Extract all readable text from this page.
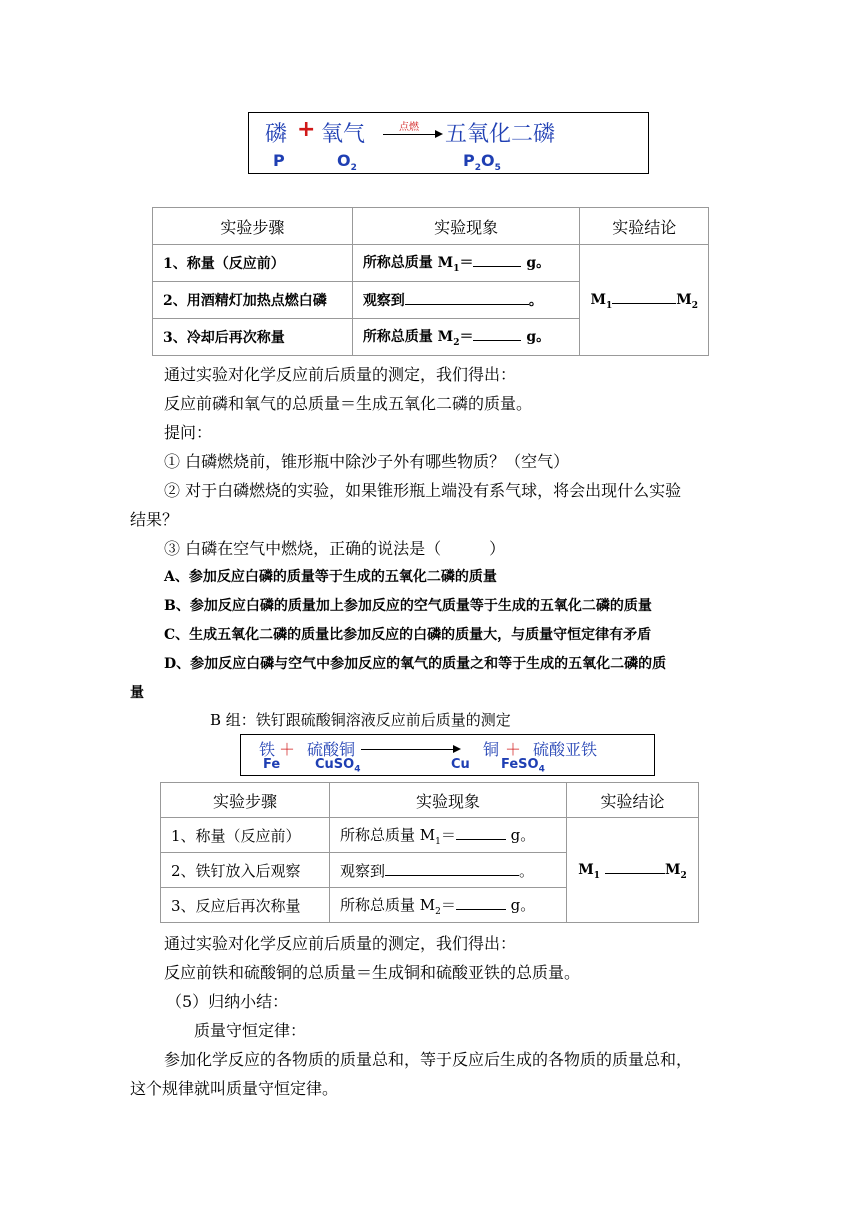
磷 + 氧气	点燃 五氧化二磷
P	$O_2$	$P_2O_5$
实验步骤	实验现象	实验结论
1、称量（反应前）	所称总质量 $M_1= g$。	$M_1$ $M_2$
2、用酒精灯加热点燃白磷	观察到 。	
3、冷却后再次称量	所称总质量 $M_2= g$。	
通过实验对化学反应前后质量的测定，我们得出：
反应前磷和氧气的总质量＝生成五氧化二磷的质量。
提问：
① 白磷燃烧前，锥形瓶中除沙子外有哪些物质？（空气）
② 对于白磷燃烧的实验，如果锥形瓶上端没有系气球，将会出现什么实验
结果？
③ 白磷在空气中燃烧，正确的说法是（　　　）
A、参加反应白磷的质量等于生成的五氧化二磷的质量
B、参加反应白磷的质量加上参加反应的空气质量等于生成的五氧化二磷的质量
C、生成五氧化二磷的质量比参加反应的白磷的质量大，与质量守恒定律有矛盾
D、参加反应白磷与空气中参加反应的氧气的质量之和等于生成的五氧化二磷的质
量
B 组：铁钉跟硫酸铜溶液反应前后质量的测定
铁 ＋ 硫酸铜	铜 ＋ 硫酸亚铁
Fe	CuSO$_4$	Cu FeSO$_4$
实验步骤	实验现象	实验结论
1、称量（反应前）	所称总质量 $M_1= g$。	$M_1$ $M_2$
2、铁钉放入后观察	观察到 。	
3、反应后再次称量	所称总质量 $M_2= g$。	
通过实验对化学反应前后质量的测定，我们得出：
反应前铁和硫酸铜的总质量＝生成铜和硫酸亚铁的总质量。
（5）归纳小结：
质量守恒定律：
参加化学反应的各物质的质量总和，等于反应后生成的各物质的质量总和，
这个规律就叫质量守恒定律。
